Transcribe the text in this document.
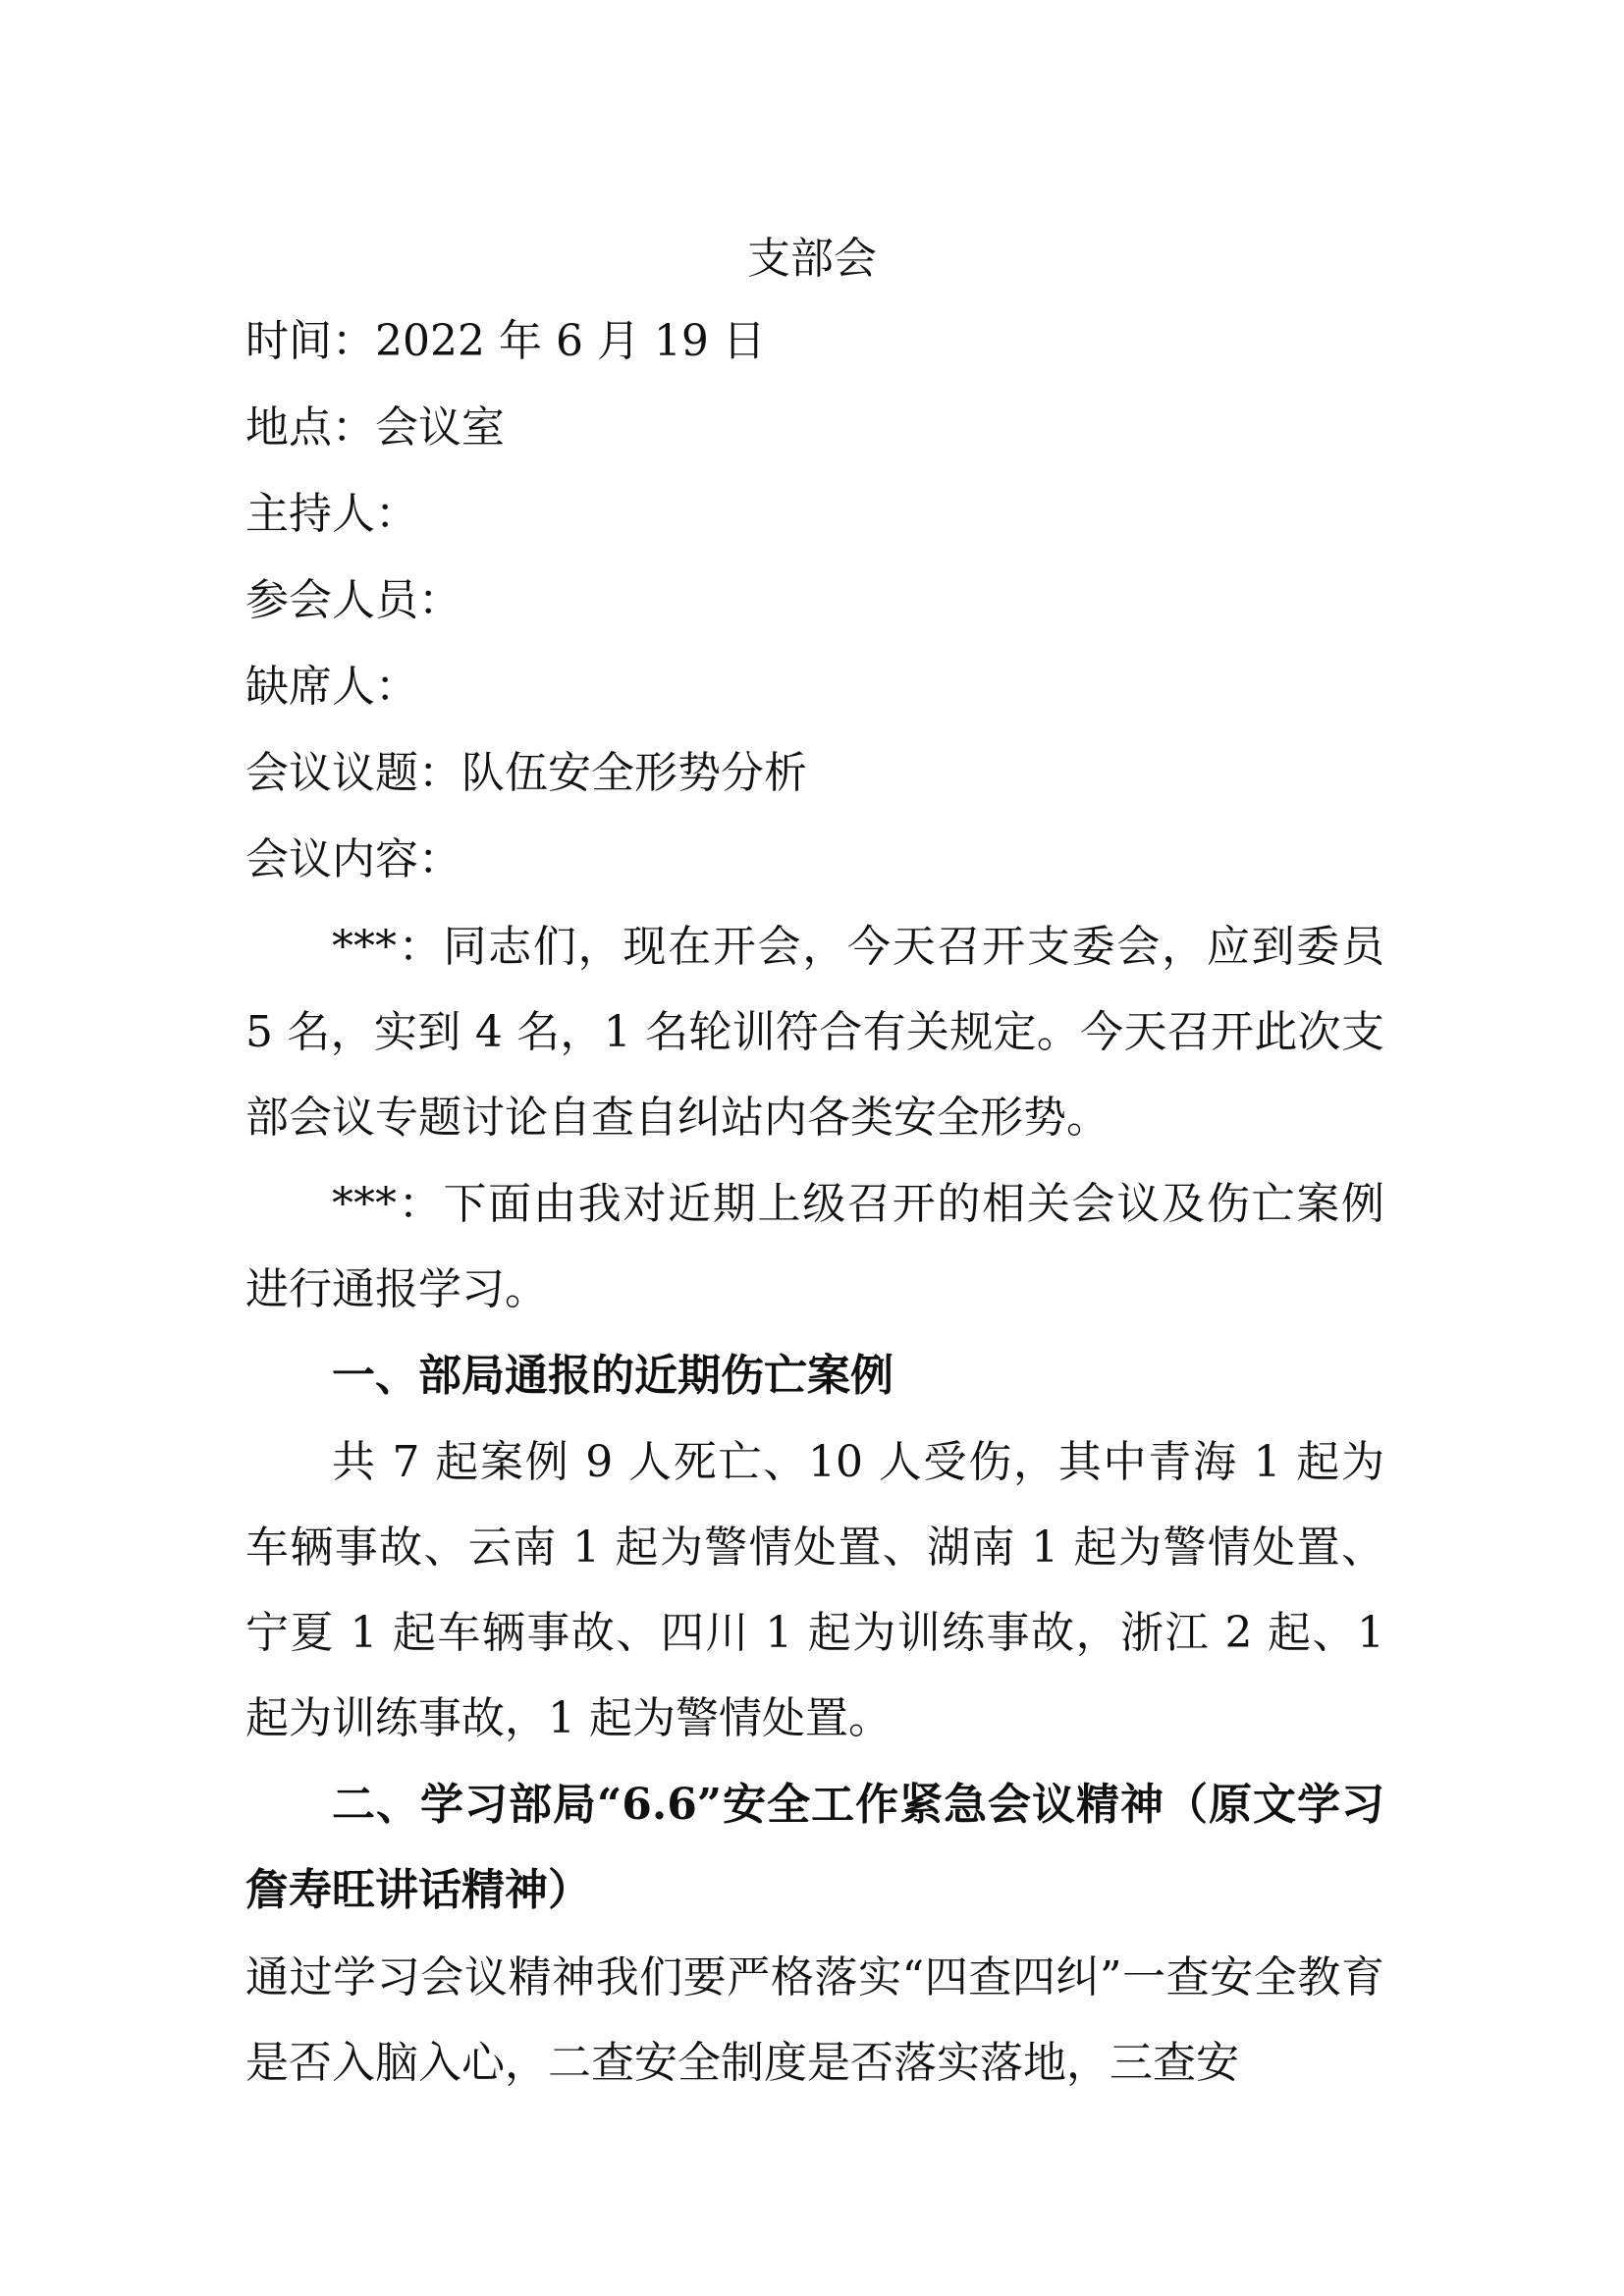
支部会
时间：2022 年 6 月 19 日
地点：会议室
主持人：
参会人员：
缺席人：
会议议题：队伍安全形势分析
会议内容：
***：同志们，现在开会，今天召开支委会，应到委员 5 名，实到 4 名，1 名轮训符合有关规定。今天召开此次支部会议专题讨论自查自纠站内各类安全形势。
***：下面由我对近期上级召开的相关会议及伤亡案例进行通报学习。
一、部局通报的近期伤亡案例
共 7 起案例 9 人死亡、10 人受伤，其中青海 1 起为车辆事故、云南 1 起为警情处置、湖南 1 起为警情处置、宁夏 1 起车辆事故、四川 1 起为训练事故，浙江 2 起、1 起为训练事故，1 起为警情处置。
二、学习部局“6.6”安全工作紧急会议精神（原文学习詹寿旺讲话精神）
通过学习会议精神我们要严格落实“四查四纠”一查安全教育是否入脑入心，二查安全制度是否落实落地，三查安
